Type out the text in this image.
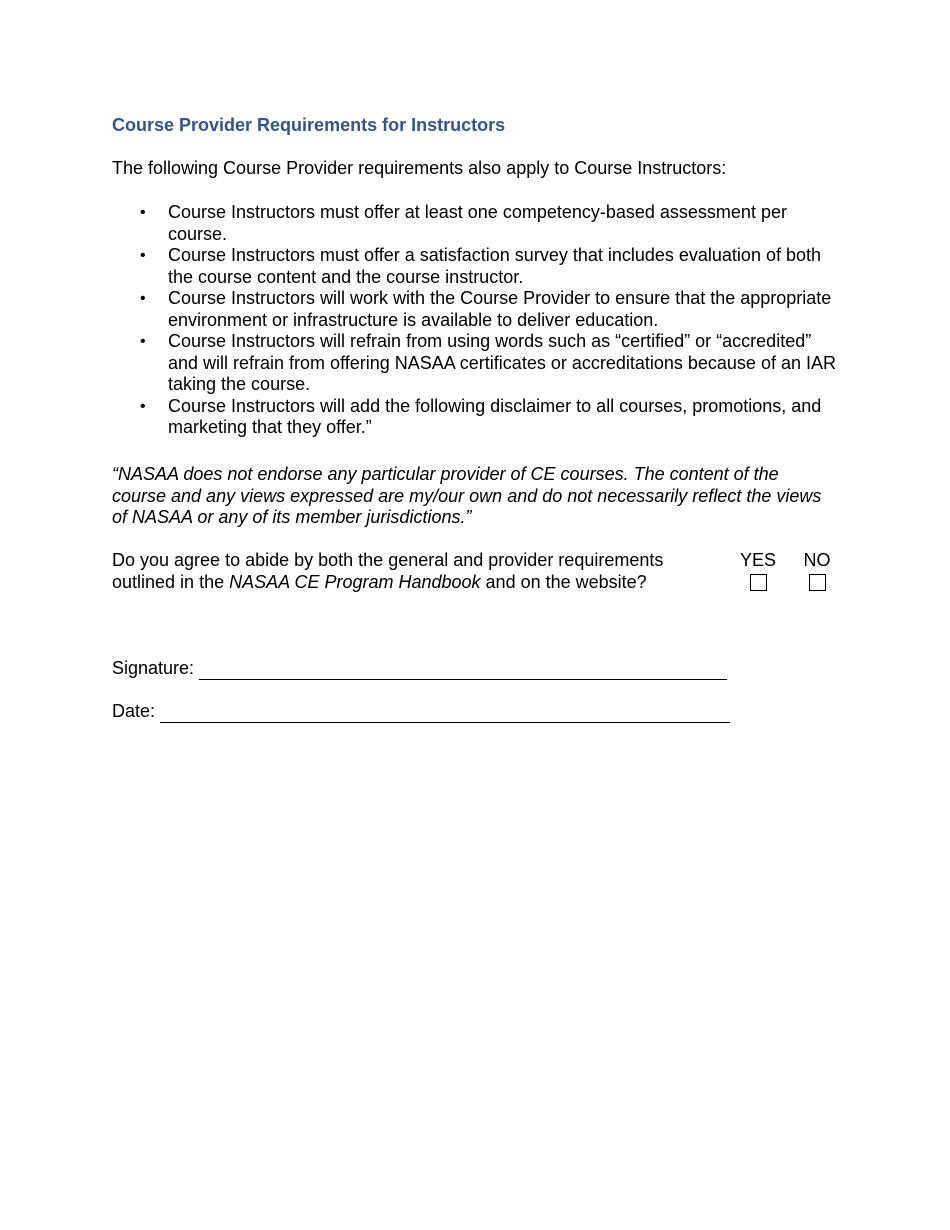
Course Provider Requirements for Instructors
The following Course Provider requirements also apply to Course Instructors:
• Course Instructors must offer at least one competency-based assessment per course.
• Course Instructors must offer a satisfaction survey that includes evaluation of both the course content and the course instructor.
• Course Instructors will work with the Course Provider to ensure that the appropriate environment or infrastructure is available to deliver education.
• Course Instructors will refrain from using words such as “certified” or “accredited” and will refrain from offering NASAA certificates or accreditations because of an IAR taking the course.
• Course Instructors will add the following disclaimer to all courses, promotions, and marketing that they offer.”
“NASAA does not endorse any particular provider of CE courses. The content of the course and any views expressed are my/our own and do not necessarily reflect the views of NASAA or any of its member jurisdictions.”
Do you agree to abide by both the general and provider requirements outlined in the NASAA CE Program Handbook and on the website?
YES	NO
Signature:
Date:
